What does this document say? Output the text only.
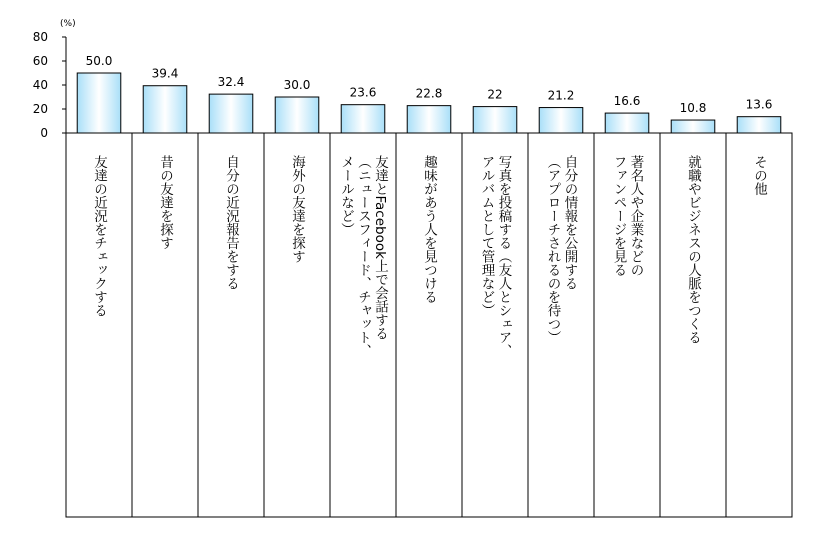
(%)
0
20
40
60
80
50.0
39.4
32.4	30.0
23.6	22.8	22	21.2	16.6	10.8	13.6
友達の近況をチェックする	昔の友達を探す	自分の近況報告をする	海外の友達を探す	友達とFacebook上で会話する
（ニュースフィード、チャット、
メールなど）	趣味があう人を見つける	写真を投稿する（友人とシェア、
アルバムとして管理など）	自分の情報を公開する
（アプローチされるのを待つ）	著名人や企業などの
ファンページを見る	就職やビジネスの人脈をつくる	その他
